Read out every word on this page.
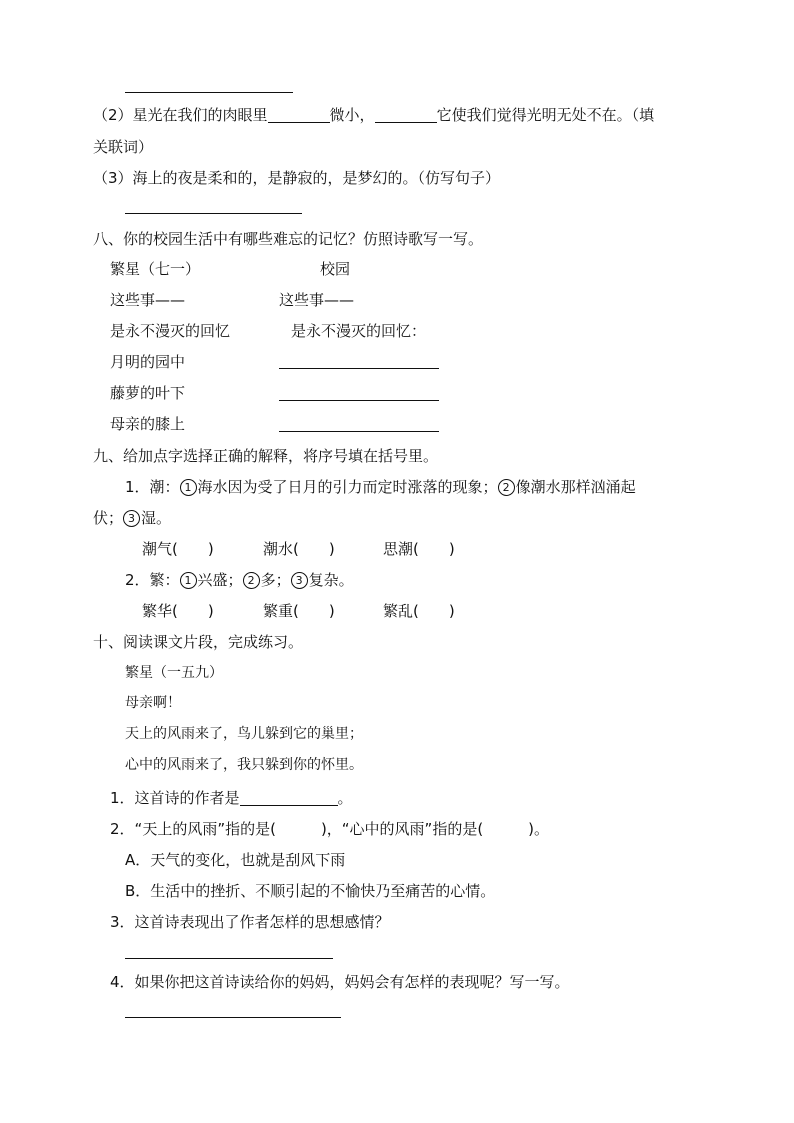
（2）星光在我们的肉眼里	微小，	它使我们觉得光明无处不在。（填
关联词）
（3）海上的夜是柔和的，是静寂的，是梦幻的。（仿写句子）
八、你的校园生活中有哪些难忘的记忆？仿照诗歌写一写。
繁星（七一）	校园
这些事——	这些事——
是永不漫灭的回忆	是永不漫灭的回忆：
月明的园中
藤萝的叶下
母亲的膝上
九、给加点字选择正确的解释，将序号填在括号里。
1．潮： 1 海水因为受了日月的引力而定时涨落的现象； 2 像潮水那样汹涌起
伏； 3 湿。
潮气(　　)	潮水(　　)	思潮(　　)
2．繁： 1 兴盛； 2 多； 3 复杂。
繁华(　　)	繁重(　　)	繁乱(　　)
十、阅读课文片段，完成练习。
繁星（一五九）
母亲啊！
天上的风雨来了，鸟儿躲到它的巢里；
心中的风雨来了，我只躲到你的怀里。
1．这首诗的作者是	。
2．“天上的风雨”指的是(　　　)，“心中的风雨”指的是(　　　)。
A．天气的变化，也就是刮风下雨
B．生活中的挫折、不顺引起的不愉快乃至痛苦的心情。
3．这首诗表现出了作者怎样的思想感情？
4．如果你把这首诗读给你的妈妈，妈妈会有怎样的表现呢？写一写。
